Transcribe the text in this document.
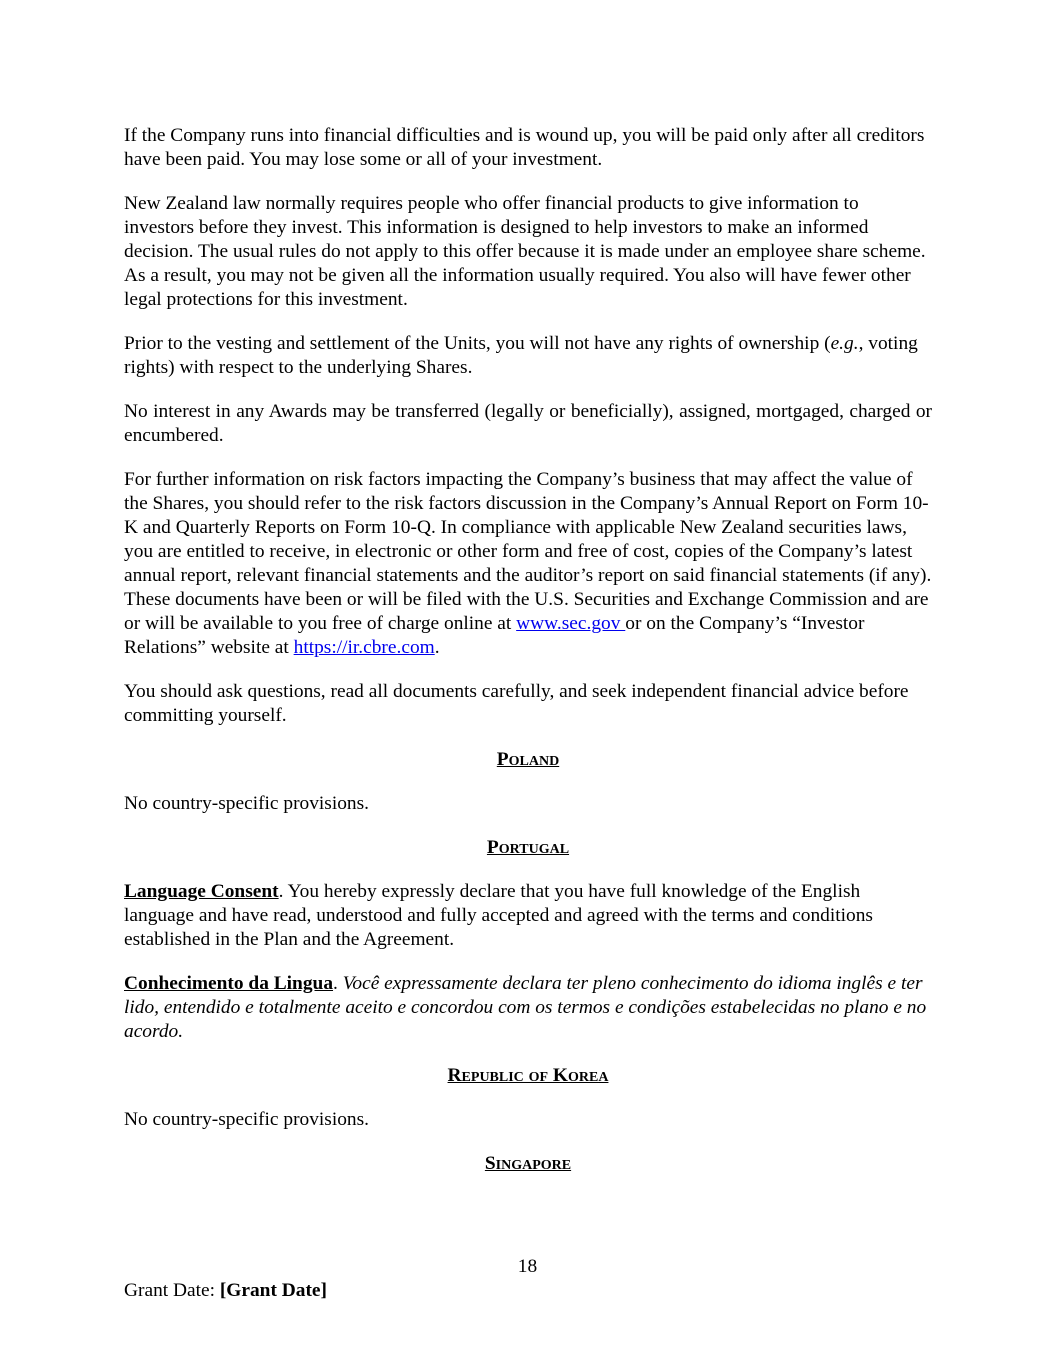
If the Company runs into financial difficulties and is wound up, you will be paid only after all creditors have been paid. You may lose some or all of your investment.

New Zealand law normally requires people who offer financial products to give information to investors before they invest. This information is designed to help investors to make an informed decision. The usual rules do not apply to this offer because it is made under an employee share scheme. As a result, you may not be given all the information usually required. You also will have fewer other legal protections for this investment.

Prior to the vesting and settlement of the Units, you will not have any rights of ownership (e.g., voting rights) with respect to the underlying Shares.

No interest in any Awards may be transferred (legally or beneficially), assigned, mortgaged, charged or encumbered.

For further information on risk factors impacting the Company’s business that may affect the value of the Shares, you should refer to the risk factors discussion in the Company’s Annual Report on Form 10-K and Quarterly Reports on Form 10-Q. In compliance with applicable New Zealand securities laws, you are entitled to receive, in electronic or other form and free of cost, copies of the Company’s latest annual report, relevant financial statements and the auditor’s report on said financial statements (if any). These documents have been or will be filed with the U.S. Securities and Exchange Commission and are or will be available to you free of charge online at www.sec.gov or on the Company’s “Investor Relations” website at https://ir.cbre.com.

You should ask questions, read all documents carefully, and seek independent financial advice before committing yourself.

Poland

No country-specific provisions.

Portugal

Language Consent. You hereby expressly declare that you have full knowledge of the English language and have read, understood and fully accepted and agreed with the terms and conditions established in the Plan and the Agreement.

Conhecimento da Lingua. Você expressamente declara ter pleno conhecimento do idioma inglês e ter lido, entendido e totalmente aceito e concordou com os termos e condições estabelecidas no plano e no acordo.

Republic of Korea

No country-specific provisions.

Singapore
18
Grant Date: [Grant Date]
